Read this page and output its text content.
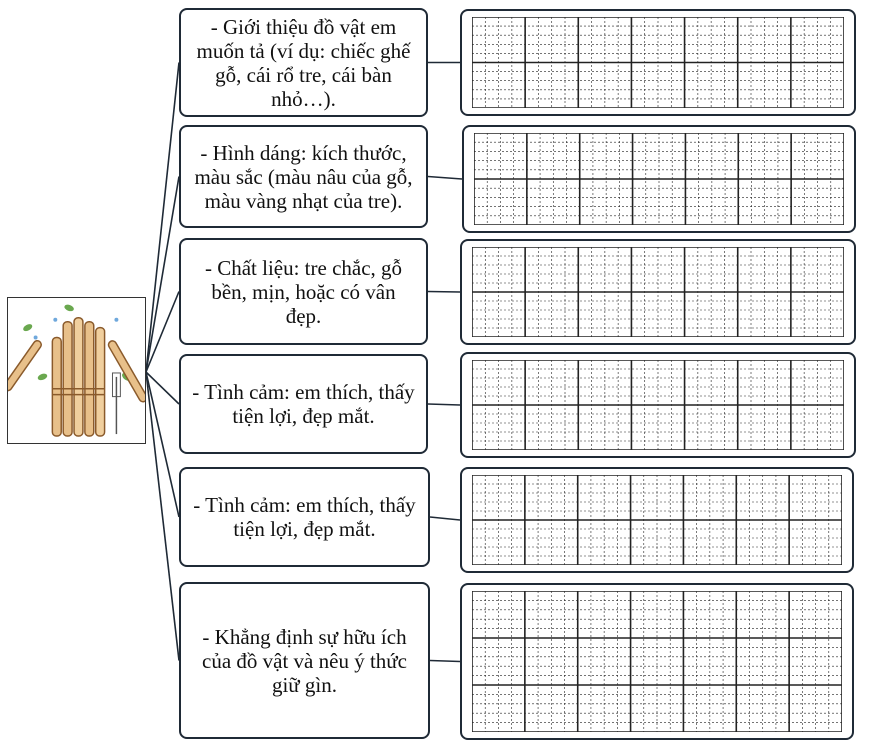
- Giới thiệu đồ vật em muốn tả (ví dụ: chiếc ghế gỗ, cái rổ tre, cái bàn nhỏ…).
- Hình dáng: kích thước, màu sắc (màu nâu của gỗ, màu vàng nhạt của tre).
- Chất liệu: tre chắc, gỗ bền, mịn, hoặc có vân đẹp.
- Tình cảm: em thích, thấy tiện lợi, đẹp mắt.
- Tình cảm: em thích, thấy tiện lợi, đẹp mắt.
- Khẳng định sự hữu ích của đồ vật và nêu ý thức giữ gìn.
